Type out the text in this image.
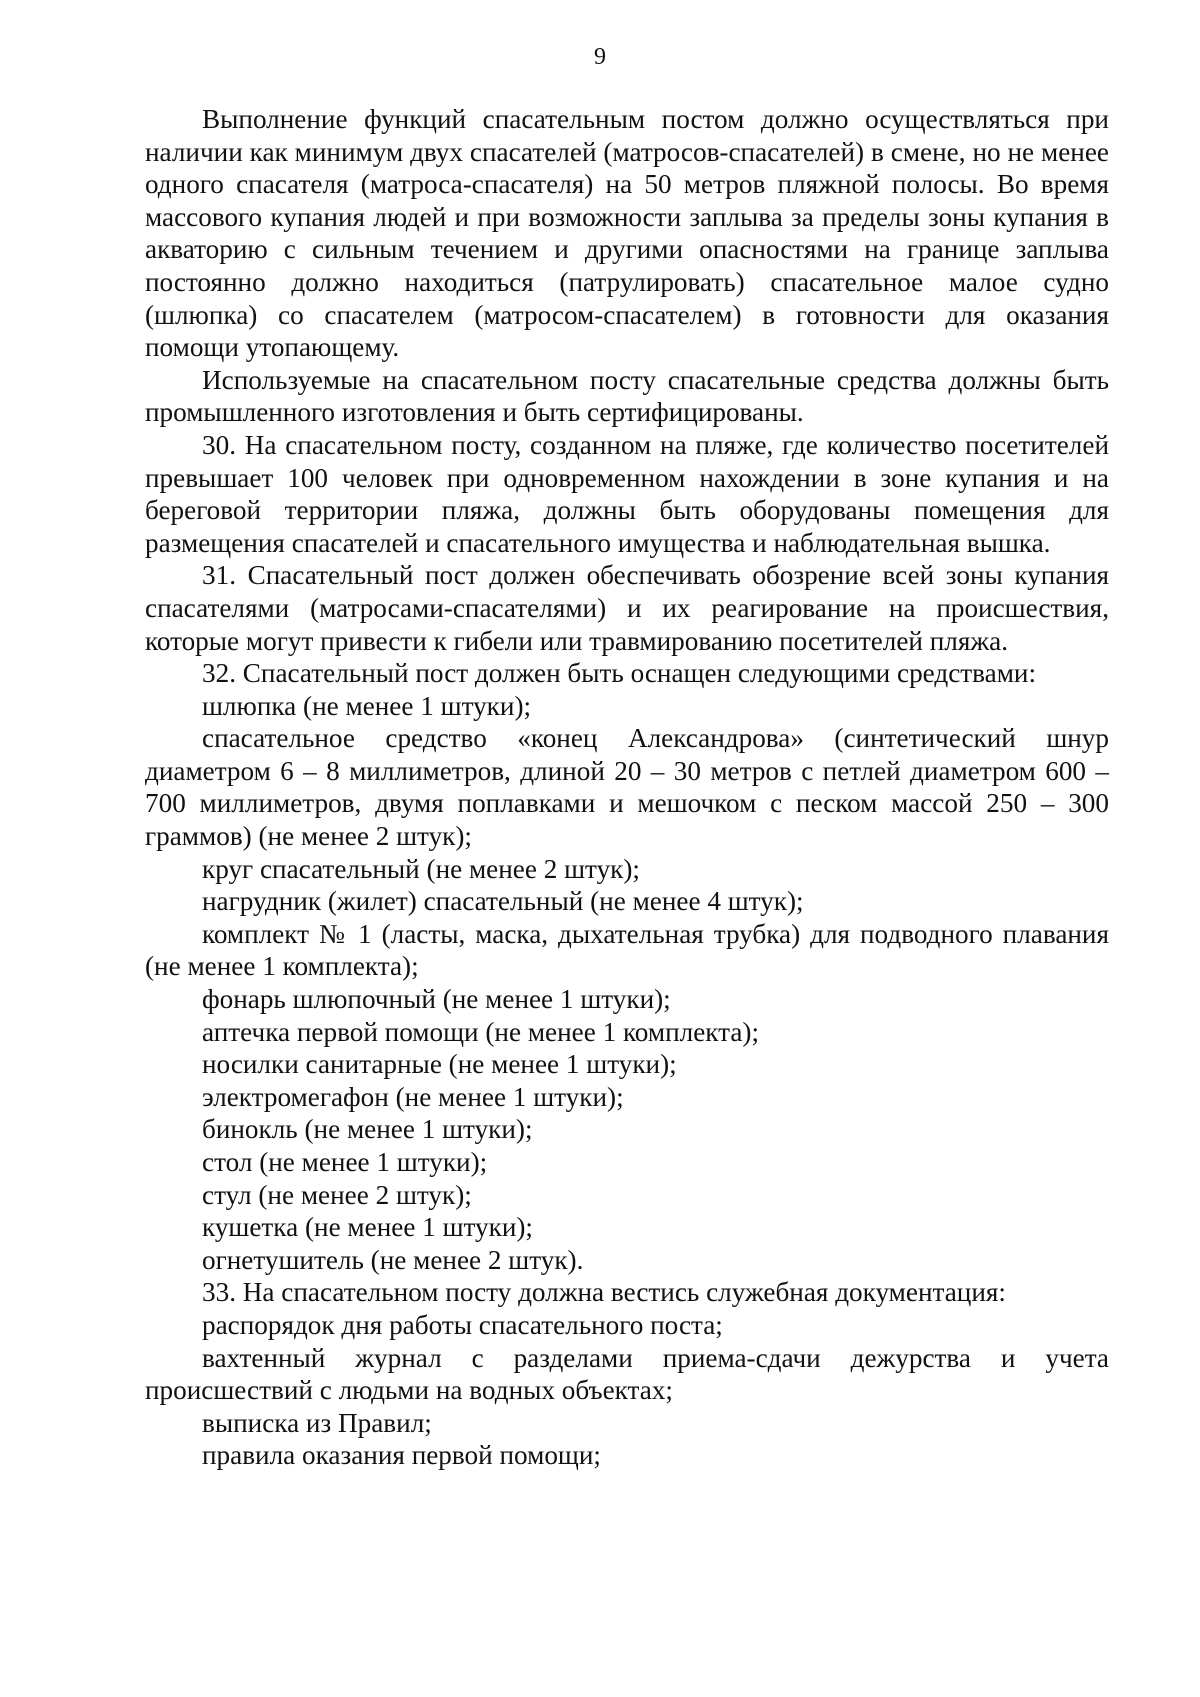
9

Выполнение функций спасательным постом должно осуществляться при наличии как минимум двух спасателей (матросов-спасателей) в смене, но не менее одного спасателя (матроса-спасателя) на 50 метров пляжной полосы. Во время массового купания людей и при возможности заплыва за пределы зоны купания в акваторию с сильным течением и другими опасностями на границе заплыва постоянно должно находиться (патрулировать) спасательное малое судно (шлюпка) со спасателем (матросом-спасателем) в готовности для оказания помощи утопающему.

Используемые на спасательном посту спасательные средства должны быть промышленного изготовления и быть сертифицированы.

30. На спасательном посту, созданном на пляже, где количество посетителей превышает 100 человек при одновременном нахождении в зоне купания и на береговой территории пляжа, должны быть оборудованы помещения для размещения спасателей и спасательного имущества и наблюдательная вышка.

31. Спасательный пост должен обеспечивать обозрение всей зоны купания спасателями (матросами-спасателями) и их реагирование на происшествия, которые могут привести к гибели или травмированию посетителей пляжа.

32. Спасательный пост должен быть оснащен следующими средствами:

шлюпка (не менее 1 штуки);

спасательное средство «конец Александрова» (синтетический шнур диаметром 6 – 8 миллиметров, длиной 20 – 30 метров с петлей диаметром 600 – 700 миллиметров, двумя поплавками и мешочком с песком массой 250 – 300 граммов) (не менее 2 штук);

круг спасательный (не менее 2 штук);

нагрудник (жилет) спасательный (не менее 4 штук);

комплект № 1 (ласты, маска, дыхательная трубка) для подводного плавания (не менее 1 комплекта);

фонарь шлюпочный (не менее 1 штуки);

аптечка первой помощи (не менее 1 комплекта);

носилки санитарные (не менее 1 штуки);

электромегафон (не менее 1 штуки);

бинокль (не менее 1 штуки);

стол (не менее 1 штуки);

стул (не менее 2 штук);

кушетка (не менее 1 штуки);

огнетушитель (не менее 2 штук).

33. На спасательном посту должна вестись служебная документация:

распорядок дня работы спасательного поста;

вахтенный журнал с разделами приема-сдачи дежурства и учета происшествий с людьми на водных объектах;

выписка из Правил;

правила оказания первой помощи;
